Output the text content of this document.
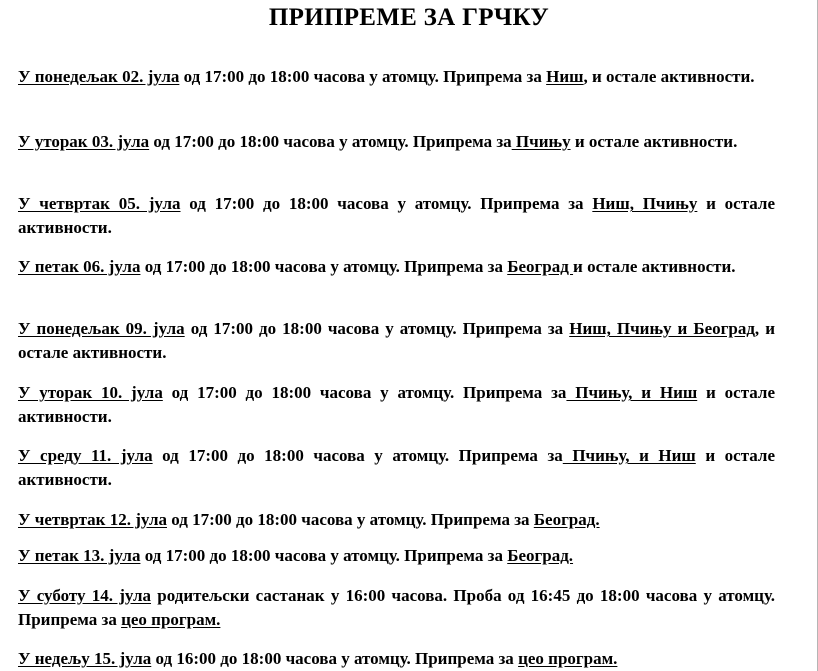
ПРИПРЕМЕ ЗА ГРЧКУ

У понедељак 02. јула од 17:00 до 18:00 часова у атомцу. Припрема за Ниш, и остале активности.

У уторак 03. јула од 17:00 до 18:00 часова у атомцу. Припрема за Пчињу и остале активности.

У четвртак 05. јула од 17:00 до 18:00 часова у атомцу. Припрема за Ниш, Пчињу и остале активности.

У петак 06. јула од 17:00 до 18:00 часова у атомцу. Припрема за Београд и остале активности.

У понедељак 09. јула од 17:00 до 18:00 часова у атомцу. Припрема за Ниш, Пчињу и Београд, и остале активности.

У уторак 10. јула од 17:00 до 18:00 часова у атомцу. Припрема за Пчињу, и Ниш и остале активности.

У среду 11. јула од 17:00 до 18:00 часова у атомцу. Припрема за Пчињу, и Ниш и остале активности.

У четвртак 12. јула од 17:00 до 18:00 часова у атомцу. Припрема за Београд.

У петак 13. јула од 17:00 до 18:00 часова у атомцу. Припрема за Београд.

У суботу 14. јула родитељски састанак у 16:00 часова. Проба од 16:45 до 18:00 часова у атомцу. Припрема за цео програм.

У недељу 15. јула од 16:00 до 18:00 часова у атомцу. Припрема за цео програм.
